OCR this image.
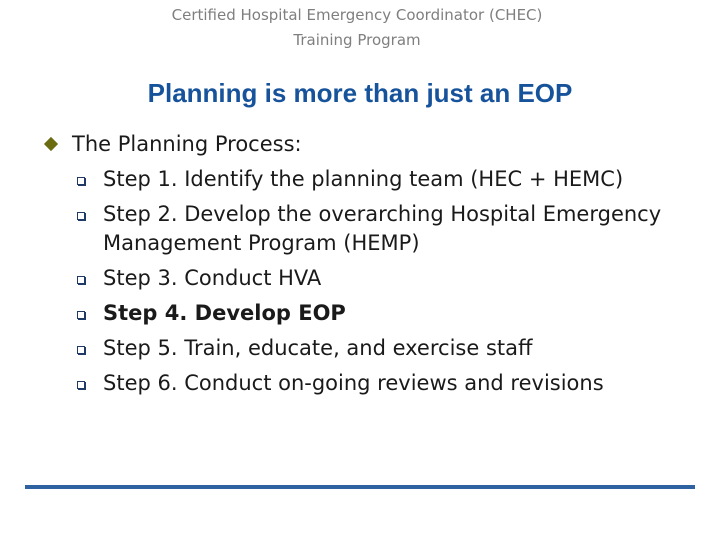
Certified Hospital Emergency Coordinator (CHEC)
Training Program
Planning is more than just an EOP
The Planning Process:
Step 1. Identify the planning team (HEC + HEMC)
Step 2. Develop the overarching Hospital Emergency Management Program (HEMP)
Step 3. Conduct HVA
Step 4. Develop EOP
Step 5. Train, educate, and exercise staff
Step 6. Conduct on-going reviews and revisions
